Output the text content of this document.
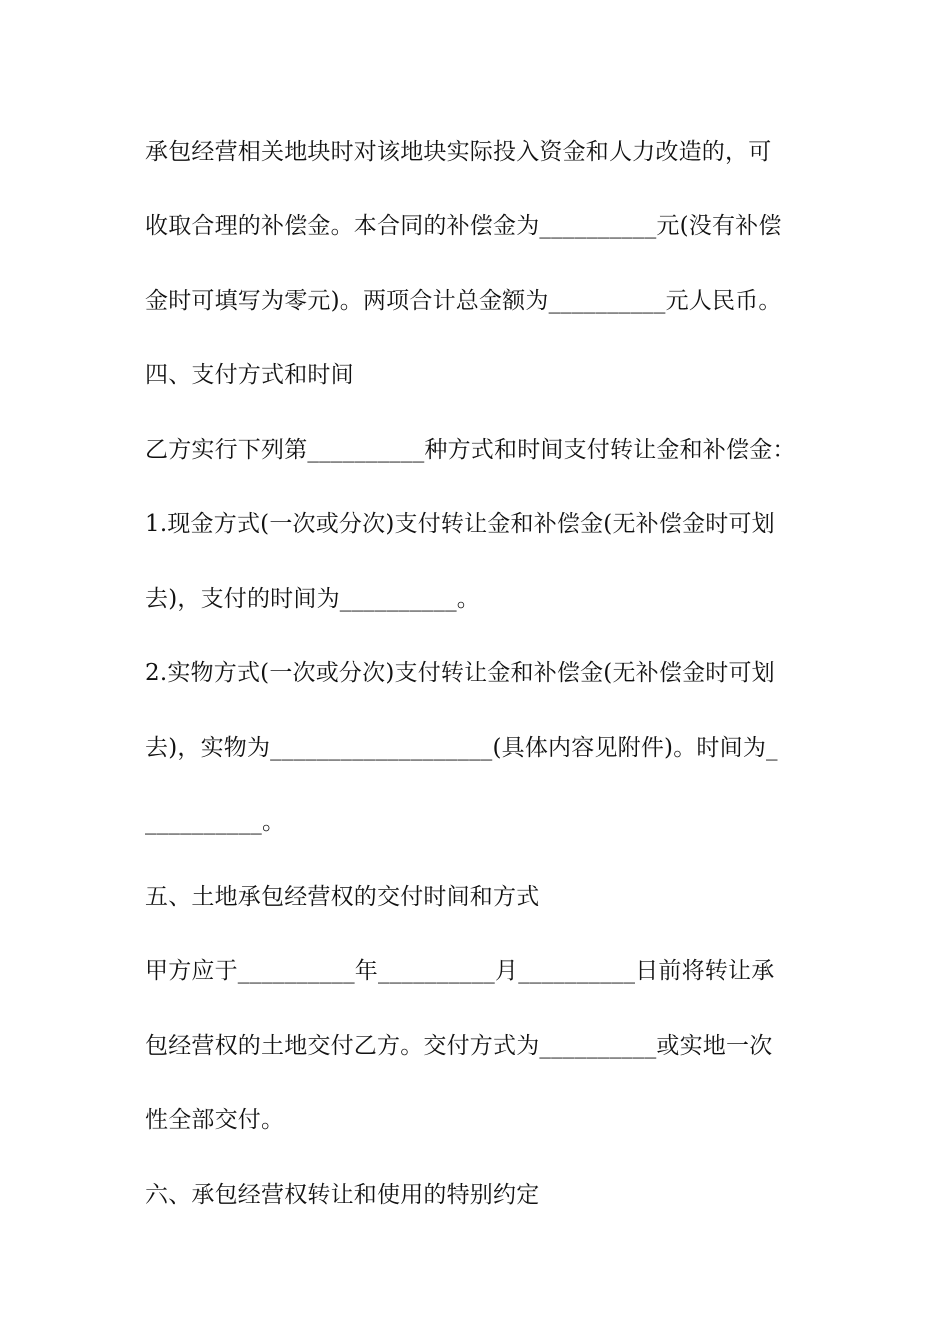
承包经营相关地块时对该地块实际投入资金和人力改造的，可
收取合理的补偿金。本合同的补偿金为__________元(没有补偿
金时可填写为零元)。两项合计总金额为__________元人民币。
四、支付方式和时间
乙方实行下列第__________种方式和时间支付转让金和补偿金：
1.现金方式(一次或分次)支付转让金和补偿金(无补偿金时可划
去)，支付的时间为__________。
2.实物方式(一次或分次)支付转让金和补偿金(无补偿金时可划
去)，实物为___________________(具体内容见附件)。时间为_
__________。
五、土地承包经营权的交付时间和方式
甲方应于__________年__________月__________日前将转让承
包经营权的土地交付乙方。交付方式为__________或实地一次
性全部交付。
六、承包经营权转让和使用的特别约定
